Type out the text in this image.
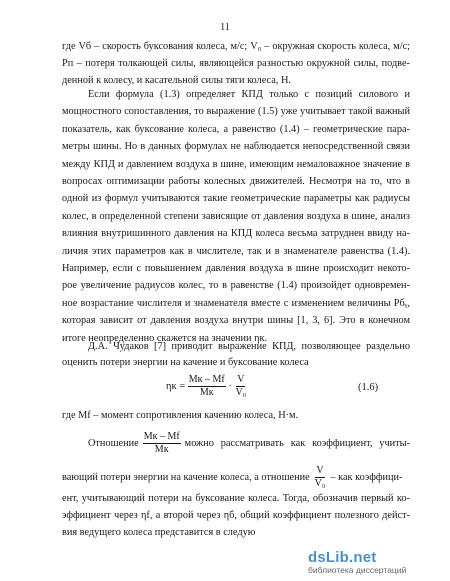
11
где Vб – скорость буксования колеса, м/с; V₀ – окружная скорость колеса, м/с;
Pп – потеря толкающей силы, являющейся разностью окружной силы, подве-
денной к колесу, и касательной силы тяги колеса, Н.
Если формула (1.3) определяет КПД только с позиций силового и
мощностного сопоставления, то выражение (1.5) уже учитывает такой важный
показатель, как буксование колеса, а равенство (1.4) – геометрические пара-
метры шины. Но в данных формулах не наблюдается непосредственной связи
между КПД и давлением воздуха в шине, имеющим немаловажное значение в
вопросах оптимизации работы колесных движителей. Несмотря на то, что в
одной из формул учитываются такие геометрические параметры как радиусы
колес, в определенной степени зависящие от давления воздуха в шине, анализ
влияния внутришинного давления на КПД колеса весьма затруднен ввиду на-
личия этих параметров как в числителе, так и в знаменателе равенства (1.4).
Например, если с повышением давления воздуха в шине происходит некото-
рое увеличение радиусов колес, то в равенстве (1.4) произойдет одновремен-
ное возрастание числителя и знаменателя вместе с изменением величины Pбᵧ,
которая зависит от давления воздуха внутри шины [1, 3, 6]. Это в конечном
итоге неопределенно скажется на значении ηк.
Д.А. Чудаков [7] приводит выражение КПД, позволяющее раздельно
оценить потери энергии на качение и буксование колеса
$\eta к = \frac{Mк - Mf}{Mк} \cdot \frac{V}{\text{V₀}}$	(1.6)
где Mf – момент сопротивления качению колеса, Н·м.
Отношение $\frac{Mк - Mf}{Mк}$ можно рассматривать как коэффициент, учиты-
вающий потери энергии на качение колеса, а отношение $\frac{V}{\text{V₀}}$ – как коэффици-
ент, учитывающий потери на буксование колеса. Тогда, обозначив первый ко-
эффициент через ηf, а второй через ηб, общий коэффициент полезного дейст-
вия ведущего колеса представится в следую
dsLib.net
библиотека диссертаций
